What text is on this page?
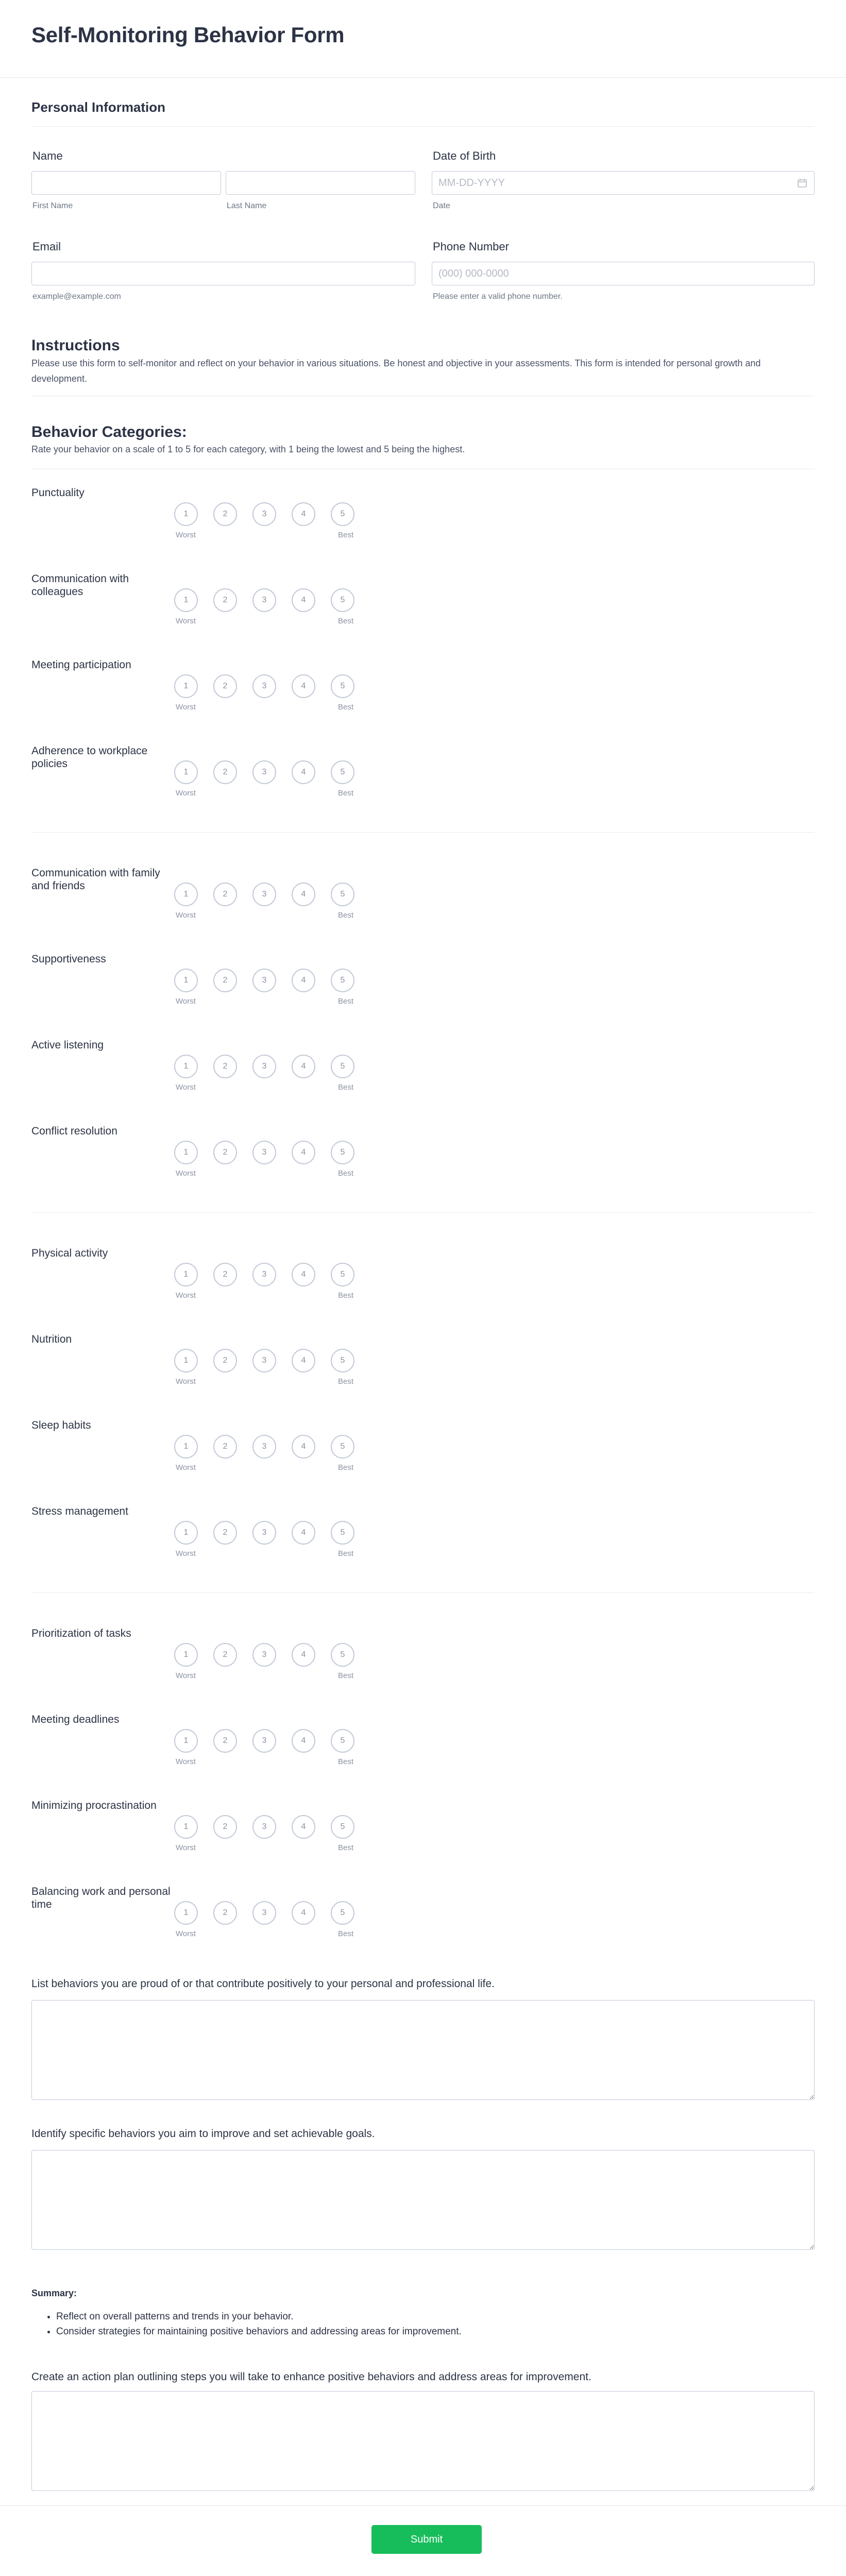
Self-Monitoring Behavior Form
Personal Information
Name
First Name	Last Name
Date of Birth
MM-DD-YYYY
Date
Email
example@example.com
Phone Number
(000) 000-0000
Please enter a valid phone number.
Instructions

Please use this form to self-monitor and reflect on your behavior in various situations. Be honest and objective in your assessments. This form is intended for personal growth and development.

Behavior Categories:

Rate your behavior on a scale of 1 to 5 for each category, with 1 being the lowest and 5 being the highest.

Punctuality
1	2	3	4	5
Worst	Best
Communication with colleagues
1	2	3	4	5
Worst	Best
Meeting participation
1	2	3	4	5
Worst	Best
Adherence to workplace policies
1	2	3	4	5
Worst	Best
Communication with family and friends
1	2	3	4	5
Worst	Best
Supportiveness
1	2	3	4	5
Worst	Best
Active listening
1	2	3	4	5
Worst	Best
Conflict resolution
1	2	3	4	5
Worst	Best
Physical activity
1	2	3	4	5
Worst	Best
Nutrition
1	2	3	4	5
Worst	Best
Sleep habits
1	2	3	4	5
Worst	Best
Stress management
1	2	3	4	5
Worst	Best
Prioritization of tasks
1	2	3	4	5
Worst	Best
Meeting deadlines
1	2	3	4	5
Worst	Best
Minimizing procrastination
1	2	3	4	5
Worst	Best
Balancing work and personal time
1	2	3	4	5
Worst	Best
List behaviors you are proud of or that contribute positively to your personal and professional life.
Identify specific behaviors you aim to improve and set achievable goals.
Summary:
• Reflect on overall patterns and trends in your behavior.
• Consider strategies for maintaining positive behaviors and addressing areas for improvement.
Create an action plan outlining steps you will take to enhance positive behaviors and address areas for improvement.
Submit
